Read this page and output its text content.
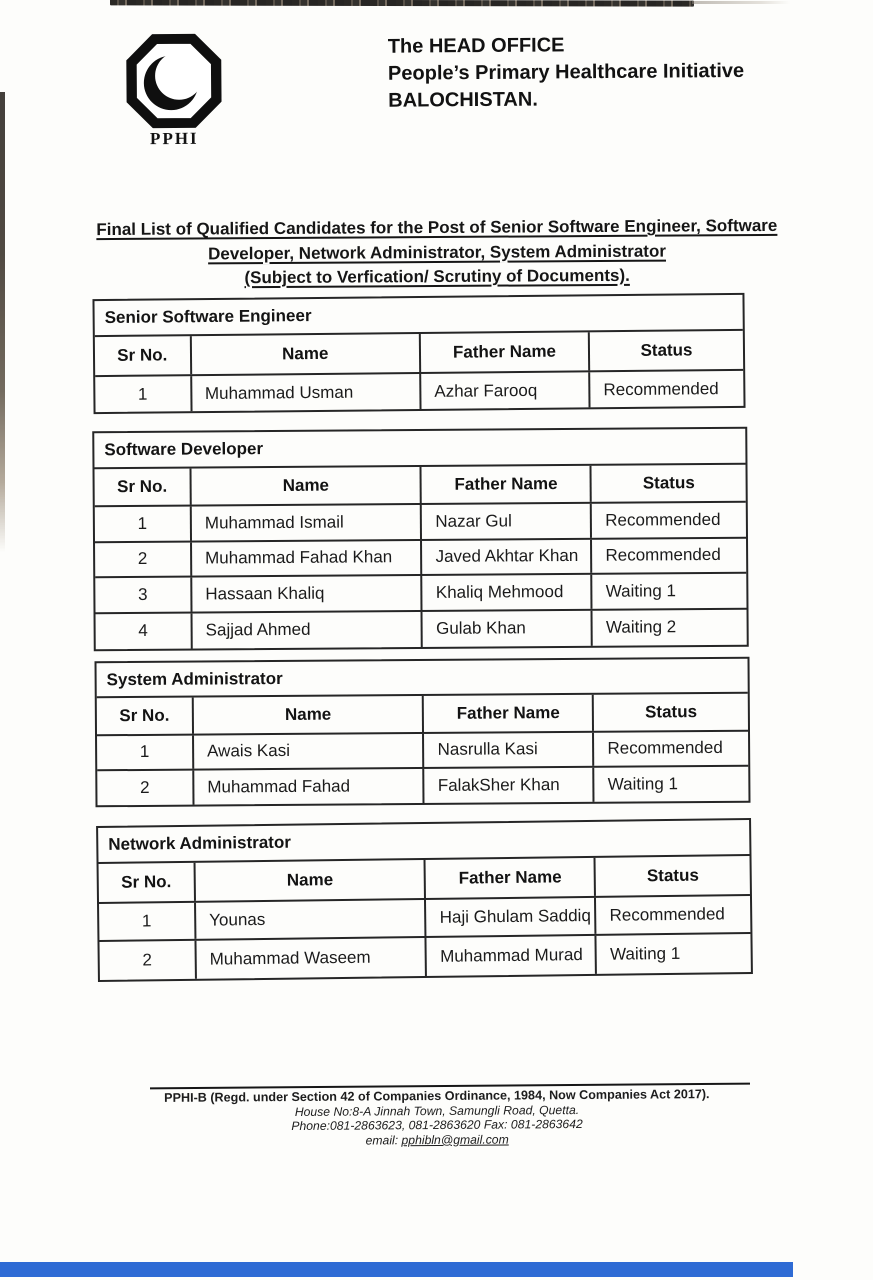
PPHI
The HEAD OFFICE
People’s Primary Healthcare Initiative
BALOCHISTAN.
Final List of Qualified Candidates for the Post of Senior Software Engineer, Software
Developer, Network Administrator, System Administrator
(Subject to Verfication/ Scrutiny of Documents).
Senior Software Engineer
Sr No.	Name	Father Name	Status
1	Muhammad Usman	Azhar Farooq	Recommended
Software Developer
Sr No.	Name	Father Name	Status
1	Muhammad Ismail	Nazar Gul	Recommended
2	Muhammad Fahad Khan	Javed Akhtar Khan	Recommended
3	Hassaan Khaliq	Khaliq Mehmood	Waiting 1
4	Sajjad Ahmed	Gulab Khan	Waiting 2
System Administrator
Sr No.	Name	Father Name	Status
1	Awais Kasi	Nasrulla Kasi	Recommended
2	Muhammad Fahad	FalakSher Khan	Waiting 1
Network Administrator
Sr No.	Name	Father Name	Status
1	Younas	Haji Ghulam Saddiq	Recommended
2	Muhammad Waseem	Muhammad Murad	Waiting 1
PPHI-B (Regd. under Section 42 of Companies Ordinance, 1984, Now Companies Act 2017).
House No:8-A Jinnah Town, Samungli Road, Quetta.
Phone:081-2863623, 081-2863620 Fax: 081-2863642
email: pphibln@gmail.com
